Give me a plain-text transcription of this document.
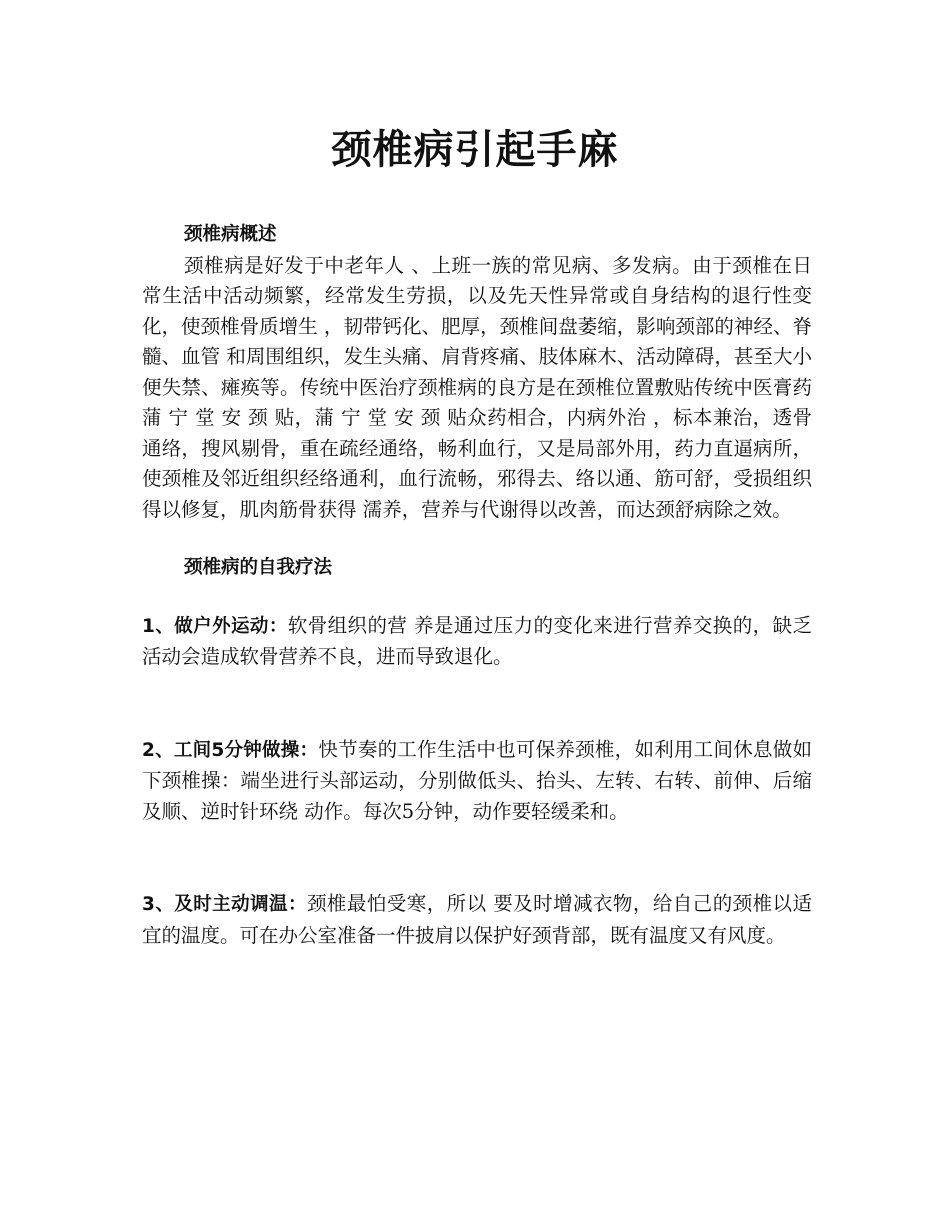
颈椎病引起手麻

颈椎病概述

颈椎病是好发于中老年人 、上班一族的常见病、多发病。由于颈椎在日常生活中活动频繁，经常发生劳损，以及先天性异常或自身结构的退行性变化，使颈椎骨质增生 ，韧带钙化、肥厚，颈椎间盘萎缩，影响颈部的神经、脊髓、血管 和周围组织，发生头痛、肩背疼痛、肢体麻木、活动障碍，甚至大小便失禁、瘫痪等。传统中医治疗颈椎病的良方是在颈椎位置敷贴传统中医膏药蒲 宁 堂 安 颈 贴，蒲 宁 堂 安 颈 贴众药相合，内病外治 ，标本兼治，透骨通络，搜风剔骨，重在疏经通络，畅利血行，又是局部外用，药力直逼病所，使颈椎及邻近组织经络通利，血行流畅，邪得去、络以通、筋可舒，受损组织得以修复，肌肉筋骨获得 濡养，营养与代谢得以改善，而达颈舒病除之效。

颈椎病的自我疗法

1、做户外运动：软骨组织的营 养是通过压力的变化来进行营养交换的，缺乏活动会造成软骨营养不良，进而导致退化。

2、工间5分钟做操：快节奏的工作生活中也可保养颈椎，如利用工间休息做如下颈椎操：端坐进行头部运动，分别做低头、抬头、左转、右转、前伸、后缩及顺、逆时针环绕 动作。每次5分钟，动作要轻缓柔和。

3、及时主动调温：颈椎最怕受寒，所以 要及时增减衣物，给自己的颈椎以适宜的温度。可在办公室准备一件披肩以保护好颈背部，既有温度又有风度。
